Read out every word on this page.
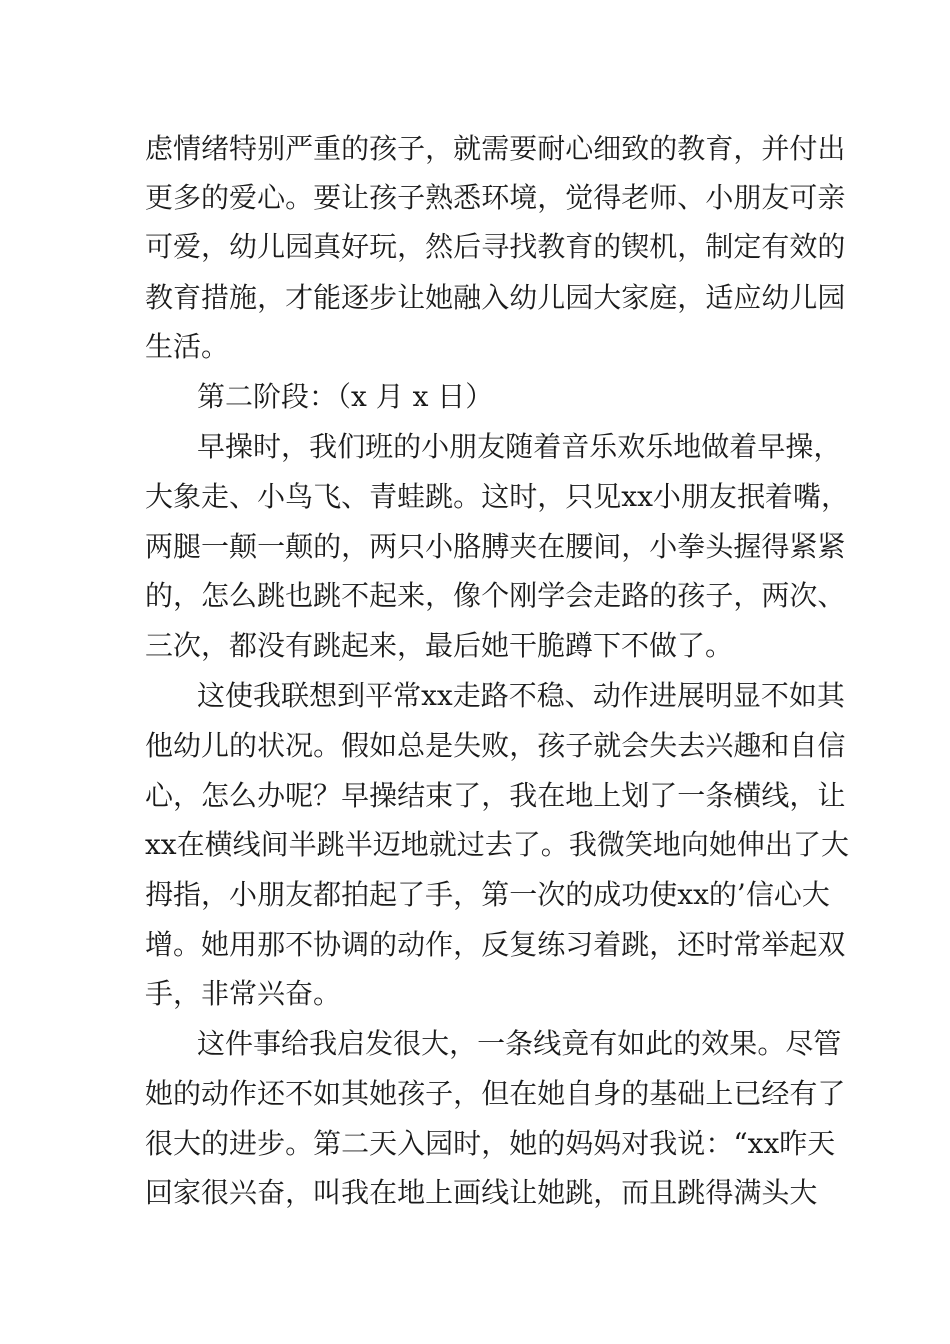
虑 情 绪 特 别 严 重 的 孩 子 ， 就 需 要 耐 心 细 致 的 教 育 ， 并 付 出
更 多 的 爱 心 。 要 让 孩 子 熟 悉 环 境 ， 觉 得 老 师 、 小 朋 友 可 亲
可 爱 ， 幼 儿 园 真 好 玩 ， 然 后 寻 找 教 育 的 锲 机 ， 制 定 有 效 的
教 育 措 施 ， 才 能 逐 步 让 她 融 入 幼 儿 园 大 家 庭 ， 适 应 幼 儿 园
生活。
第二阶段：（x 月 x 日）
早 操 时 ， 我 们 班 的 小 朋 友 随 着 音 乐 欢 乐 地 做 着 早 操 ，
大 象 走 、 小 鸟 飞 、 青 蛙 跳 。 这 时 ， 只 见 x x 小 朋 友 抿 着 嘴 ，
两 腿 一 颠 一 颠 的 ， 两 只 小 胳 膊 夹 在 腰 间 ， 小 拳 头 握 得 紧 紧
的 ， 怎 么 跳 也 跳 不 起 来 ， 像 个 刚 学 会 走 路 的 孩 子 ， 两 次 、
三次，都没有跳起来，最后她干脆蹲下不做了。
这 使 我 联 想 到 平 常 x x 走 路 不 稳 、 动 作 进 展 明 显 不 如 其
他 幼 儿 的 状 况 。 假 如 总 是 失 败 ， 孩 子 就 会 失 去 兴 趣 和 自 信
心 ， 怎 么 办 呢 ？ 早 操 结 束 了 ， 我 在 地 上 划 了 一 条 横 线 ， 让
x x 在 横 线 间 半 跳 半 迈 地 就 过 去 了 。 我 微 笑 地 向 她 伸 出 了 大
拇 指 ， 小 朋 友 都 拍 起 了 手 ， 第 一 次 的 成 功 使 x x 的 ’ 信 心 大
增 。 她 用 那 不 协 调 的 动 作 ， 反 复 练 习 着 跳 ， 还 时 常 举 起 双
手，非常兴奋。
这 件 事 给 我 启 发 很 大 ， 一 条 线 竟 有 如 此 的 效 果 。 尽 管
她 的 动 作 还 不 如 其 她 孩 子 ， 但 在 她 自 身 的 基 础 上 已 经 有 了
很 大 的 进 步 。 第 二 天 入 园 时 ， 她 的 妈 妈 对 我 说 ： “ x x 昨 天
回 家 很 兴 奋 ， 叫 我 在 地 上 画 线 让 她 跳 ， 而 且 跳 得 满 头 大
